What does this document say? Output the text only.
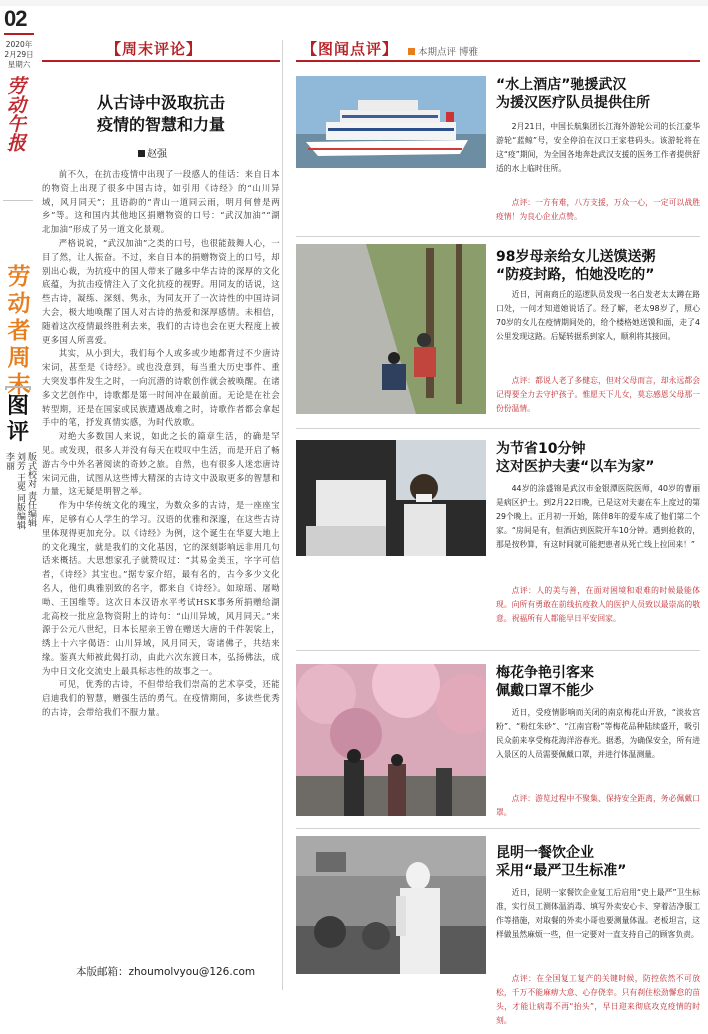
02
2020年
2月29日
星期六
劳动午报
劳
动
者
周
末
图
评
版式校对 责任编辑 刘芳 王冕 同版编辑 李丽
【周末评论】
从古诗中汲取抗击
疫情的智慧和力量
赵强

前不久，在抗击疫情中出现了一段感人的佳话：来自日本的物资上出现了很多中国古诗，如引用《诗经》的“山川异域，风月同天”；且语韵的“青山一道同云雨，明月何曾是两乡”等。这和国内其他地区捐赠物资的口号：“武汉加油”“湖北加油”形成了另一道文化景观。

严格说说，“武汉加油”之类的口号，也很能鼓舞人心，一目了然，让人振奋。不过，来自日本的捐赠物资上的口号，却别出心裁，为抗疫中的国人带来了融多中华古诗的深厚的文化底蕴，为抗击疫情注入了文化抗疫的视野。用同友的话说，这些古诗，凝练、深刻、隽永，为同友开了一次诗性的中国诗词大会，极大地唤醒了国人对古诗的热爱和深厚感情。未相信，随着这次疫情最终胜利去来，我们的古诗也会在更大程度上被更多国人所喜爱。

其实，从小到大，我们每个人或多或少地都背过不少唐诗宋词，甚至是《诗经》。或也没意到，每当重大历史事件、重大突发事件发生之时，一向沉潜的诗歌创作就会被唤醒。在诸多文艺创作中，诗歌都是第一时间冲在最前面。无论是在社会转型期，还是在国家或民族遭遇战难之时，诗歌作者都会拿起手中的笔，抒发真情实感，为时代放歌。

对绝大多数国人来说，如此之长的篇章生活，的确是罕见。或发现，很多人并没有每天在哎叹中生活，而是开启了畅游古今中外名著阅读的奇妙之旅。自然，也有很多人迷恋唐诗宋词元曲，试图从这些博大精深的古诗文中汲取更多的智慧和力量，这无疑是明智之举。

作为中华传统文化的瑰宝，为数众多的古诗，是一座座宝库，足够有心人学生的学习。汉语的优雅和深邃，在这些古诗里体现得更加充分。以《诗经》为例，这个诞生在华夏大地上的文化瑰宝，就是我们的文化基因，它的深刻影响远非用几句话来概括。大思想家孔子就赞叹过：“其易金美玉，字字可信者，《诗经》其宝也。”据专家介绍，最有名的，古今多少文化名人，他们典雅别致的名字，都来自《诗经》。如琼瑶、屠呦呦、王国维等。这次日本汉语水平考试HSK事务所捐赠给湖北高校一批应急物资附上的诗句：“山川异域，风月同天。”来源于公元八世纪，日本长屋亲王曾在赠送大唐的千件袈裟上，绣上十六字偈语：山川异域，风月同天，寄诸佛子，共结来缘。鉴真大师被此偈打动，由此六次东渡日本，弘扬佛法，成为中日文化交流史上最具标志性的故事之一。

可见，优秀的古诗，不但带给我们崇高的艺术享受，还能启迪我们的智慧，赠强生活的勇气。在疫情期间，多读些优秀的古诗，会带给我们不服力量。

本版邮箱：zhoumolvyou@126.com
【图闻点评】	本期点评 博雅
“水上酒店”驰援武汉
为援汉医疗队员提供住所
2月21日，中国长航集团长江海外游轮公司的长江豪华游轮“蓝鲸”号，安全停泊在汉口王家巷码头。该游轮将在这“疫”期间，为全国各地奔赴武汉支援的医务工作者提供舒适的水上临时住所。
点评：一方有难，八方支援，万众一心，一定可以战胜疫情！为良心企业点赞。
98岁母亲给女儿送馍送粥
“防疫封路，怕她没吃的”
近日，河南商丘的巡逻队员发现一名白发老太太蹲在路口处，一问才知道她说话了。经了解，老太98岁了，照心70岁的女儿在疫情期间处的，给个楼格她送馍和面，走了4公里发现这路。后疑转据系到家人，顺利将其接回。
点评：都说人老了多健忘，但对父母而言，却永远都会记得要全力去守护孩子。惟愿天下儿女，莫忘感恩父母那一份份温情。
为节省10分钟
这对医护夫妻“以车为家”
44岁的涂盛锦是武汉市金银潭医院医师，40岁的曹丽是病区护士。到2月22日晚，已是这对夫妻在车上度过的第29个晚上。正月初一开始，陈伴8年的爱车成了他们第二个家。“房间是有，但酒店到医院开车10分钟。遇到抢救的，那是按秒算，有这时间就可能把患者从死亡线上拉回来！”
点评：人的美与善，在面对困境和艰难的时候最能体现。向所有勇敢在前线抗疫救人的医护人员致以最崇高的敬意。祝福所有人都能早日平安回家。
梅花争艳引客来
佩戴口罩不能少
近日，受疫情影响而关闭的南京梅花山开放，“淡妆宫粉”、“粉红朱砂”、“江南宫粉”等梅花品种陆续盛开，吸引民众前来享受梅花海洋浴春光。据悉，为确保安全，所有进入景区的人员需要佩戴口罩，并进行体温测量。
点评：游览过程中不聚集、保持安全距离，务必佩戴口罩。
昆明一餐饮企业
采用“最严卫生标准”
近日，昆明一家餐饮企业复工后启用“史上最严”卫生标准，实行员工测体温消毒、填写外卖安心卡、穿着洁净服工作等措施，对取餐的外卖小哥也要测量体温。老板坦言，这样做虽然麻烦一些，但一定要对一直支持自己的顾客负责。
点评：在全国复工复产的关键时候，防控依然不可放松，千万不能麻痹大意、心存侥幸。只有刹住松劲懈怠的苗头，才能让病毒不再“抬头”，早日迎来彻底攻克疫情的时刻。
